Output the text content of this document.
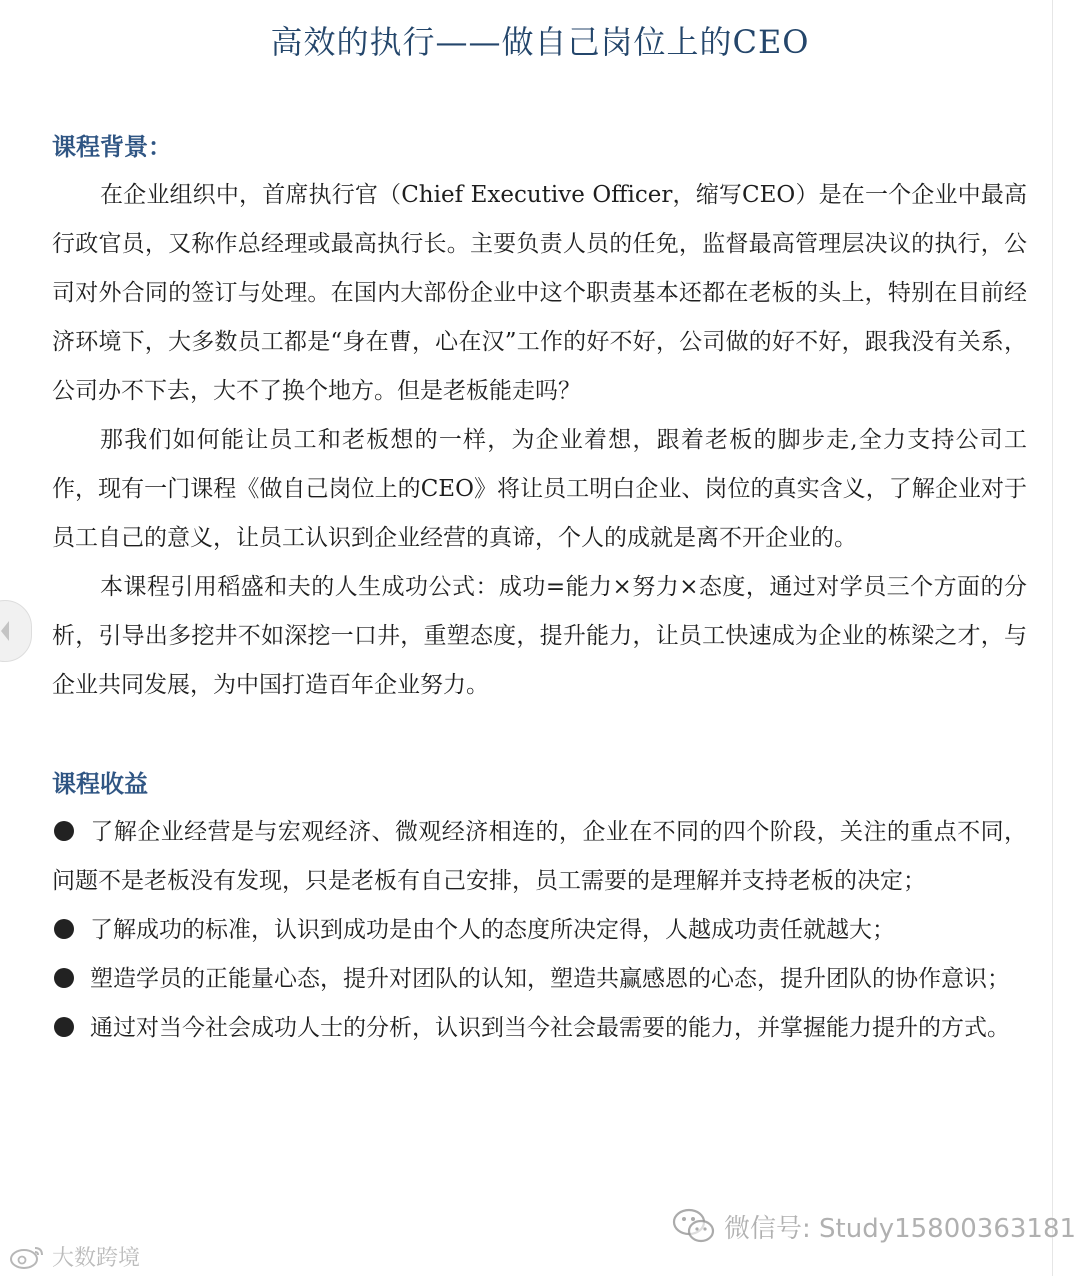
高效的执行——做自己岗位上的CEO

课程背景：

在企业组织中，首席执行官（Chief Executive Officer，缩写CEO）是在一个企业中最高行政官员，又称作总经理或最高执行长。主要负责人员的任免，监督最高管理层决议的执行，公司对外合同的签订与处理。在国内大部份企业中这个职责基本还都在老板的头上，特别在目前经济环境下，大多数员工都是“身在曹，心在汉”工作的好不好，公司做的好不好，跟我没有关系，公司办不下去，大不了换个地方。但是老板能走吗？

那我们如何能让员工和老板想的一样，为企业着想，跟着老板的脚步走,全力支持公司工作，现有一门课程《做自己岗位上的CEO》将让员工明白企业、岗位的真实含义，了解企业对于员工自己的意义，让员工认识到企业经营的真谛，个人的成就是离不开企业的。

本课程引用稻盛和夫的人生成功公式：成功=能力×努力×态度，通过对学员三个方面的分析，引导出多挖井不如深挖一口井，重塑态度，提升能力，让员工快速成为企业的栋梁之才，与企业共同发展，为中国打造百年企业努力。

课程收益

了解企业经营是与宏观经济、微观经济相连的，企业在不同的四个阶段，关注的重点不同，问题不是老板没有发现，只是老板有自己安排，员工需要的是理解并支持老板的决定；

了解成功的标准，认识到成功是由个人的态度所决定得，人越成功责任就越大；

塑造学员的正能量心态，提升对团队的认知，塑造共赢感恩的心态，提升团队的协作意识；

通过对当今社会成功人士的分析，认识到当今社会最需要的能力，并掌握能力提升的方式。

微信号: Study15800363181
大数跨境
